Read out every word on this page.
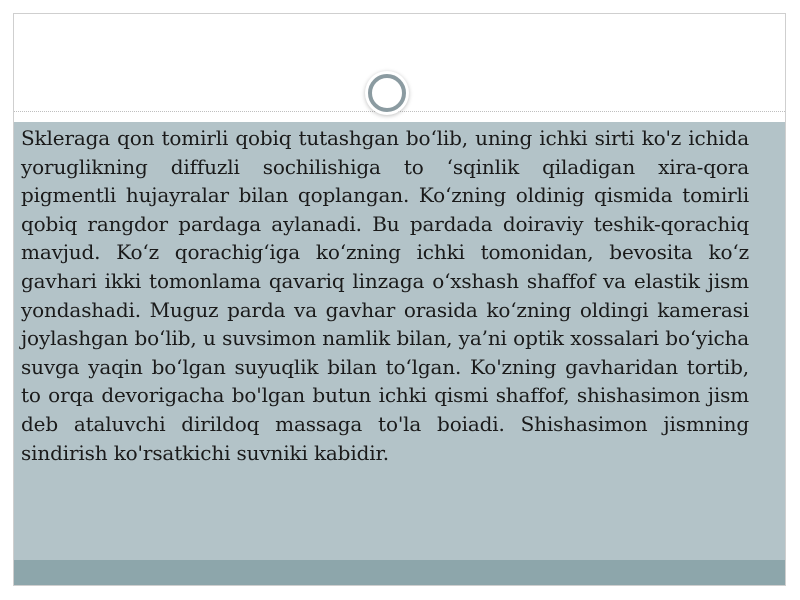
Skleraga qon tomirli qobiq tutashgan bo‘lib, uning ichki sirti ko'z ichida yoruglikning diffuzli sochilishiga to ‘sqinlik qiladigan xira-qora pigmentli hujayralar bilan qoplangan. Ko‘zning oldinig qismida tomirli qobiq rangdor pardaga aylanadi. Bu pardada doiraviy teshik-qorachiq mavjud. Ko‘z qorachig‘iga ko‘zning ichki tomonidan, bevosita ko‘z gavhari ikki tomonlama qavariq linzaga o‘xshash shaffof va elastik jism yondashadi. Muguz parda va gavhar orasida ko‘zning oldingi kamerasi joylashgan bo‘lib, u suvsimon namlik bilan, ya’ni optik xossalari bo‘yicha suvga yaqin bo‘lgan suyuqlik bilan to‘lgan. Ko'zning gavharidan tortib, to orqa devorigacha bo'lgan butun ichki qismi shaffof, shishasimon jism deb ataluvchi dirildoq massaga to'la boiadi. Shishasimon jismning sindirish ko'rsatkichi suvniki kabidir.
